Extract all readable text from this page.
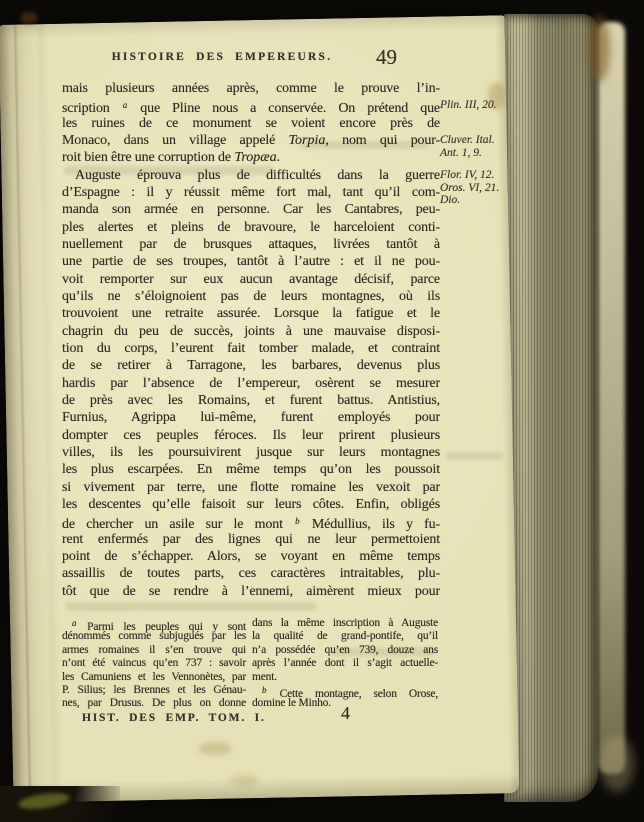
HISTOIRE DES EMPEREURS.	49
mais plusieurs années après, comme le prouve l’in-
scription $^a$ que Pline nous a conservée. On prétend que
les ruines de ce monument se voient encore près de
Monaco, dans un village appelé Torpia, nom qui pour-
roit bien être une corruption de Tropæa.
Auguste éprouva plus de difficultés dans la guerre
d’Espagne : il y réussit même fort mal, tant qu’il com-
manda son armée en personne. Car les Cantabres, peu-
ples alertes et pleins de bravoure, le harceloient conti-
nuellement par de brusques attaques, livrées tantôt à
une partie de ses troupes, tantôt à l’autre : et il ne pou-
voit remporter sur eux aucun avantage décisif, parce
qu’ils ne s’éloignoient pas de leurs montagnes, où ils
trouvoient une retraite assurée. Lorsque la fatigue et le
chagrin du peu de succès, joints à une mauvaise disposi-
tion du corps, l’eurent fait tomber malade, et contraint
de se retirer à Tarragone, les barbares, devenus plus
hardis par l’absence de l’empereur, osèrent se mesurer
de près avec les Romains, et furent battus. Antistius,
Furnius, Agrippa lui-même, furent employés pour
dompter ces peuples féroces. Ils leur prirent plusieurs
villes, ils les poursuivirent jusque sur leurs montagnes
les plus escarpées. En même temps qu’on les poussoit
si vivement par terre, une flotte romaine les vexoit par
les descentes qu’elle faisoit sur leurs côtes. Enfin, obligés
de chercher un asile sur le mont $^b$ Médullius, ils y fu-
rent enfermés par des lignes qui ne leur permettoient
point de s’échapper. Alors, se voyant en même temps
assaillis de toutes parts, ces caractères intraitables, plu-
tôt que de se rendre à l’ennemi, aimèrent mieux pour
Plin. III, 20.
Cluver. Ital.
Ant. 1, 9.
Flor. IV, 12.
Oros. VI, 21.
Dio.
$^a$ Parmi les peuples qui y sont
dénommés comme subjugués par les
armes romaines il s’en trouve qui
n’ont été vaincus qu’en 737 : savoir
les Camuniens et les Vennonètes, par
P. Silius; les Brennes et les Génau-
nes, par Drusus. De plus on donne
dans la même inscription à Auguste
la qualité de grand-pontife, qu’il
n’a possédée qu’en 739, douze ans
après l’année dont il s’agit actuelle-
ment.
$^b$ Cette montagne, selon Orose,
domine le Minho.
HIST. DES EMP. TOM. I.	4
